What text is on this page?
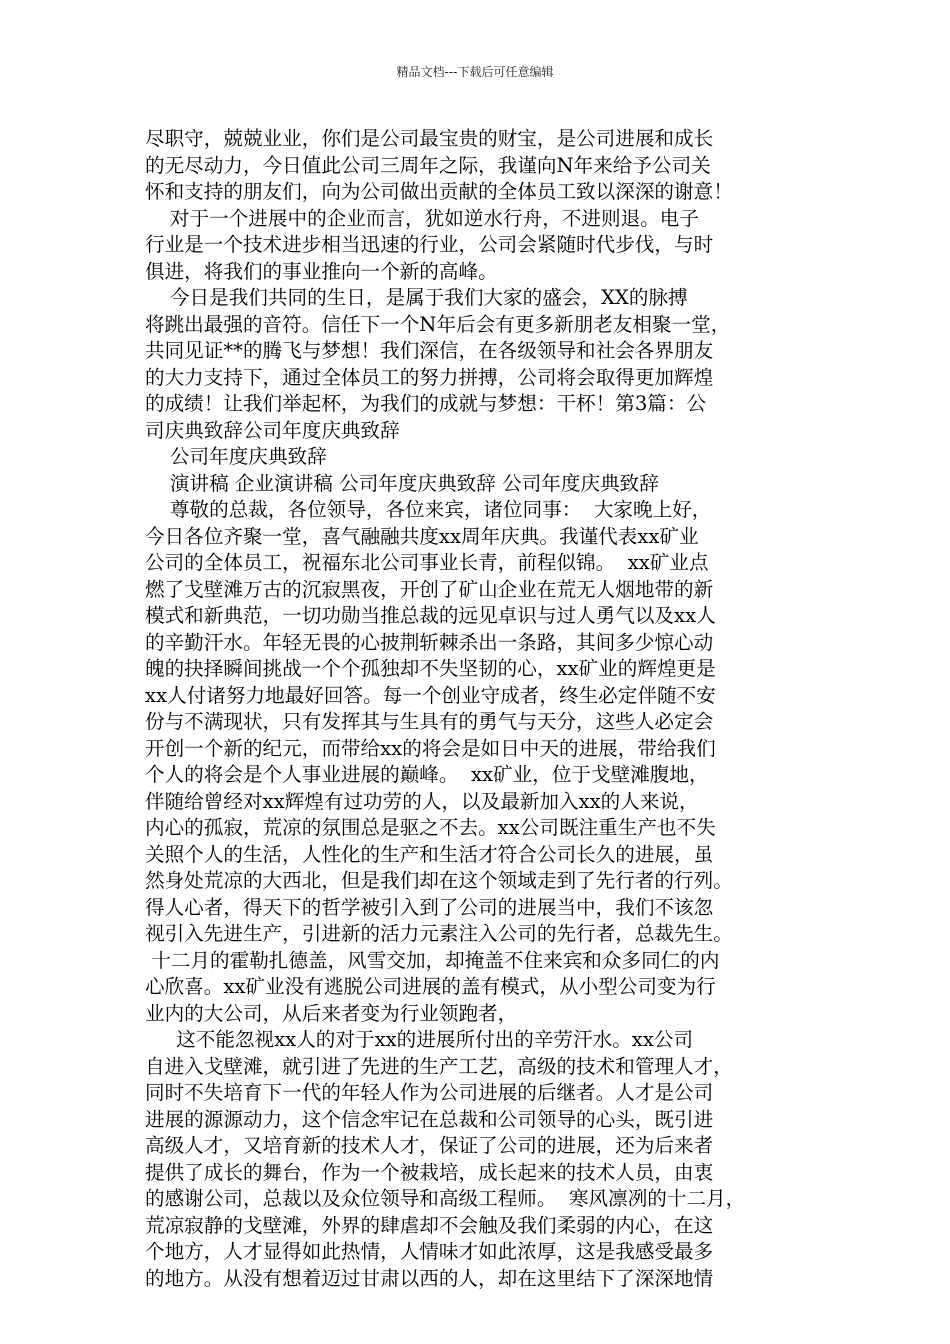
精品文档---下载后可任意编辑
尽职守，兢兢业业，你们是公司最宝贵的财宝，是公司进展和成长
的无尽动力，今日值此公司三周年之际，我谨向N年来给予公司关
怀和支持的朋友们，向为公司做出贡献的全体员工致以深深的谢意！
对于一个进展中的企业而言，犹如逆水行舟，不进则退。电子
行业是一个技术进步相当迅速的行业，公司会紧随时代步伐，与时
俱进，将我们的事业推向一个新的高峰。
今日是我们共同的生日，是属于我们大家的盛会，XX的脉搏
将跳出最强的音符。信任下一个N年后会有更多新朋老友相聚一堂，
共同见证**的腾飞与梦想！我们深信，在各级领导和社会各界朋友
的大力支持下，通过全体员工的努力拼搏，公司将会取得更加辉煌
的成绩！让我们举起杯，为我们的成就与梦想：干杯！第3篇：公
司庆典致辞公司年度庆典致辞
公司年度庆典致辞
演讲稿 企业演讲稿 公司年度庆典致辞 公司年度庆典致辞
尊敬的总裁，各位领导，各位来宾，诸位同事：  大家晚上好，
今日各位齐聚一堂，喜气融融共度xx周年庆典。我谨代表xx矿业
公司的全体员工，祝福东北公司事业长青，前程似锦。  xx矿业点
燃了戈壁滩万古的沉寂黑夜，开创了矿山企业在荒无人烟地带的新
模式和新典范，一切功勋当推总裁的远见卓识与过人勇气以及xx人
的辛勤汗水。年轻无畏的心披荆斩棘杀出一条路，其间多少惊心动
魄的抉择瞬间挑战一个个孤独却不失坚韧的心，xx矿业的辉煌更是
xx人付诸努力地最好回答。每一个创业守成者，终生必定伴随不安
份与不满现状，只有发挥其与生具有的勇气与天分，这些人必定会
开创一个新的纪元，而带给xx的将会是如日中天的进展，带给我们
个人的将会是个人事业进展的巅峰。  xx矿业，位于戈壁滩腹地，
伴随给曾经对xx辉煌有过功劳的人，以及最新加入xx的人来说，
内心的孤寂，荒凉的氛围总是驱之不去。xx公司既注重生产也不失
关照个人的生活，人性化的生产和生活才符合公司长久的进展，虽
然身处荒凉的大西北，但是我们却在这个领域走到了先行者的行列。
得人心者，得天下的哲学被引入到了公司的进展当中，我们不该忽
视引入先进生产，引进新的活力元素注入公司的先行者，总裁先生。
十二月的霍勒扎德盖，风雪交加，却掩盖不住来宾和众多同仁的内
心欣喜。xx矿业没有逃脱公司进展的盖有模式，从小型公司变为行
业内的大公司，从后来者变为行业领跑者，
这不能忽视xx人的对于xx的进展所付出的辛劳汗水。xx公司
自进入戈壁滩，就引进了先进的生产工艺，高级的技术和管理人才，
同时不失培育下一代的年轻人作为公司进展的后继者。人才是公司
进展的源源动力，这个信念牢记在总裁和公司领导的心头，既引进
高级人才，又培育新的技术人才，保证了公司的进展，还为后来者
提供了成长的舞台，作为一个被栽培，成长起来的技术人员，由衷
的感谢公司，总裁以及众位领导和高级工程师。  寒风凛冽的十二月，
荒凉寂静的戈壁滩，外界的肆虐却不会触及我们柔弱的内心，在这
个地方，人才显得如此热情，人情味才如此浓厚，这是我感受最多
的地方。从没有想着迈过甘肃以西的人，却在这里结下了深深地情
